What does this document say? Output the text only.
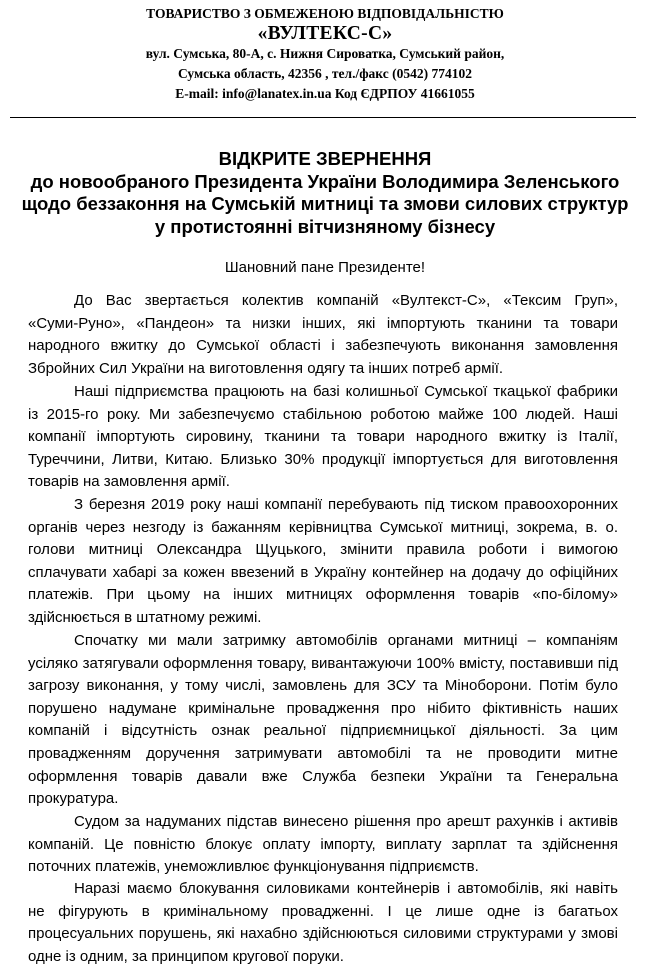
ТОВАРИСТВО З ОБМЕЖЕНОЮ ВІДПОВІДАЛЬНІСТЮ
«ВУЛТЕКС-С»
вул. Сумська, 80-А, с. Нижня Сироватка, Сумський район,
Сумська область, 42356 , тел./факс (0542) 774102
E-mail: info@lanatex.in.ua Код ЄДРПОУ 41661055
ВІДКРИТЕ ЗВЕРНЕННЯ
до новообраного Президента України Володимира Зеленського
щодо беззаконня на Сумській митниці та змови силових структур
у протистоянні вітчизняному бізнесу
Шановний пане Президенте!
До Вас звертається колектив компаній «Вултекст-С», «Тексим Груп»,
«Суми-Руно», «Пандеон» та низки інших, які імпортують тканини та товари
народного вжитку до Сумської області і забезпечують виконання замовлення
Збройних Сил України на виготовлення одягу та інших потреб армії.
Наші підприємства працюють на базі колишньої Сумської ткацької фабрики
із 2015-го року. Ми забезпечуємо стабільною роботою майже 100 людей. Наші
компанії імпортують сировину, тканини та товари народного вжитку із Італії,
Туреччини, Литви, Китаю. Близько 30% продукції імпортується для виготовлення
товарів на замовлення армії.
З березня 2019 року наші компанії перебувають під тиском правоохоронних
органів через незгоду із бажанням керівництва Сумської митниці, зокрема, в. о.
голови митниці Олександра Щуцького, змінити правила роботи і вимогою
сплачувати хабарі за кожен ввезений в Україну контейнер на додачу до офіційних
платежів. При цьому на інших митницях оформлення товарів «по-білому»
здійснюється в штатному режимі.
Спочатку ми мали затримку автомобілів органами митниці – компаніям
усіляко затягували оформлення товару, вивантажуючи 100% вмісту, поставивши під
загрозу виконання, у тому числі, замовлень для ЗСУ та Міноборони. Потім було
порушено надумане кримінальне провадження про нібито фіктивність наших
компаній і відсутність ознак реальної підприємницької діяльності. За цим
провадженням доручення затримувати автомобілі та не проводити митне
оформлення товарів давали вже Служба безпеки України та Генеральна
прокуратура.
Судом за надуманих підстав винесено рішення про арешт рахунків і активів
компаній. Це повністю блокує оплату імпорту, виплату зарплат та здійснення
поточних платежів, унеможливлює функціонування підприємств.
Наразі маємо блокування силовиками контейнерів і автомобілів, які навіть
не фігурують в кримінальному провадженні. І це лише одне із багатьох
процесуальних порушень, які нахабно здійснюються силовими структурами у змові
одне із одним, за принципом кругової поруки.
